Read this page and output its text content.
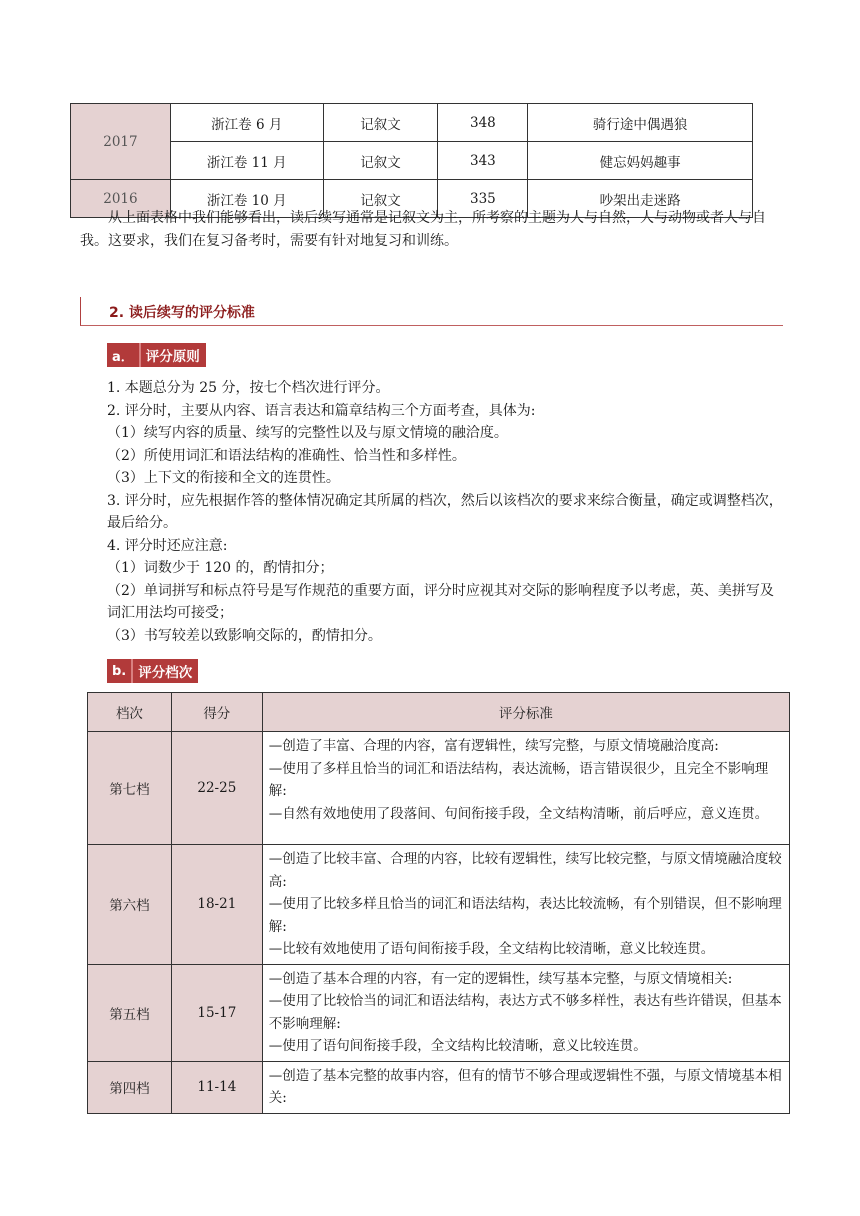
2017	浙江卷 6 月	记叙文	348	骑行途中偶遇狼
	浙江卷 11 月	记叙文	343	健忘妈妈趣事
2016	浙江卷 10 月	记叙文	335	吵架出走迷路

从上面表格中我们能够看出，读后续写通常是记叙文为主，所考察的主题为人与自然，人与动物或者人与自我。这要求，我们在复习备考时，需要有针对地复习和训练。

2. 读后续写的评分标准
a． 评分原则

1. 本题总分为 25 分，按七个档次进行评分。

2. 评分时，主要从内容、语言表达和篇章结构三个方面考查，具体为:

（1）续写内容的质量、续写的完整性以及与原文情境的融洽度。

（2）所使用词汇和语法结构的准确性、恰当性和多样性。

（3）上下文的衔接和全文的连贯性。

3. 评分时，应先根据作答的整体情况确定其所属的档次，然后以该档次的要求来综合衡量，确定或调整档次，最后给分。

4. 评分时还应注意:

（1）词数少于 120 的，酌情扣分；

（2）单词拼写和标点符号是写作规范的重要方面，评分时应视其对交际的影响程度予以考虑，英、美拼写及词汇用法均可接受；

（3）书写较差以致影响交际的，酌情扣分。

b. 评分档次
档次	得分	评分标准
第七档	22-25	—创造了丰富、合理的内容，富有逻辑性，续写完整，与原文情境融洽度高:

—使用了多样且恰当的词汇和语法结构，表达流畅，语言错误很少，且完全不影响理解:

—自然有效地使用了段落间、句间衔接手段，全文结构清晰，前后呼应，意义连贯。

第六档	18-21	—创造了比较丰富、合理的内容，比较有逻辑性，续写比较完整，与原文情境融洽度较高:

—使用了比较多样且恰当的词汇和语法结构，表达比较流畅，有个别错误，但不影响理解:

—比较有效地使用了语句间衔接手段，全文结构比较清晰，意义比较连贯。

第五档	15-17	—创造了基本合理的内容，有一定的逻辑性，续写基本完整，与原文情境相关:

—使用了比较恰当的词汇和语法结构，表达方式不够多样性，表达有些许错误，但基本不影响理解:

—使用了语句间衔接手段，全文结构比较清晰，意义比较连贯。

第四档	11-14	—创造了基本完整的故事内容，但有的情节不够合理或逻辑性不强，与原文情境基本相关:
